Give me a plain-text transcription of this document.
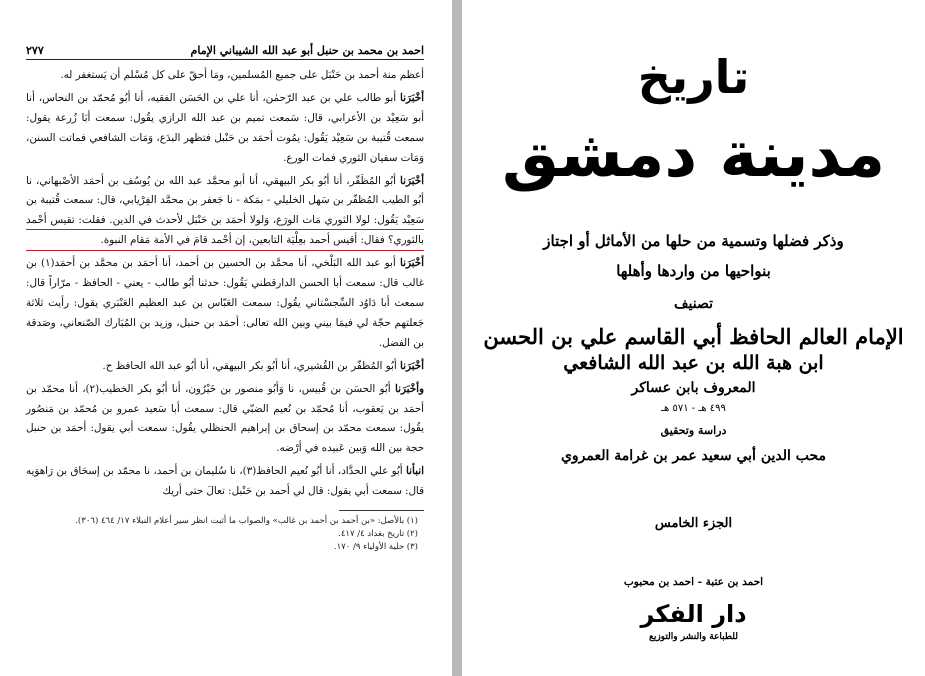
احمد بن محمد بن حنبل أبو عبد الله الشيباني الإمام
٢٧٧

أعظم منة أحمد بن حَنْبَل على جميع المُسلمين، ومَا أحقّ على كل مُسْلم أن يَستغفر له.

أخْبَرَنا أبو طالب علي بن عبد الرّحمٰن، أنا علي بن الحَسَن الفقيه، أنا أبُو مُحمّد بن النحاس، أنا أبو سَعِيْد بن الأعرابي، قال: سَمعت تميم بن عبد الله الرازي يقُول: سمعت أبَا زُرعة يقول: سمعت قُتيبة بن سَعِيْد يَقُول: يمُوت أحمَد بن حَنْبل فتظهر البدَع، وَمَات الشافعي فماتت السنن، وَمَات سفيان الثوري فمات الورع.

أخْبَرَنا أبُو المُظَفّر، أنا أبُو بكر البيهقي، أنا أبو محمَّد عبد الله بن يُوسُف بن أحمَد الأصْبهاني، نا أبُو الطيب المُظفّر بن سَهل الخليلي - بمَكة - نا جَعفر بن محمَّد الفِرْيابي، قال: سمعت قُتيبة بن سَعِيْد يَقُول: لولا الثوري مَات الورَع، وَلولا أحمَد بن حَنْبَل لأحدث في الدين. فقلت: تقيس أحْمد بالثوري؟ فقال: أقيس أحمد بعِلْيَة التابعين، إن أحْمد قامَ في الأمة مَقام النبوة.

أخْبَرَنا أبو عبد الله البَلْخي، أنا محمَّد بن الحسين بن أحمد، أنا أحمَد بن محمَّد بن أحمَد(١) بن غالب قال: سمعت أبا الحسن الدارقطني يَقُول: حدثنا أبُو طالب - يعني - الحافظ - مرّاراً قال: سمعت أبا دَاوُد السِّجسْتاني يقُول: سمعت العَبّاس بن عبد العظيم العَنْبَري يقول: رأيت ثلاثة جَعلتهم حجّة لي فيمَا بيني وبين الله تعالى: أحمَد بن حنبل، وزيد بن المُبَارك الصّنعاني، وصَدقة بن الفضل.

أخْبَرَنا أبُو المُظفّر بن القُشيري، أنا أبُو بكر البيهقي، أنا أبُو عبد الله الحافظ ح.

وأخْبَرَنا أبُو الحسَن بن قُبيس، نا وَأبُو منصور بن خَيْرُون، أنا أبُو بكر الخطيب(٢)، أنا محمّد بن أحمَد بن يَعقوب، أنا مُحمّد بن نُعيم الضبّي قال: سمعت أبا سَعيد عمرو بن مُحمّد بن مَنصُور يقُول: سمعت محمّد بن إسحاق بن إبراهيم الحنظلي يقُول: سمعت أبي يقول: أحمَد بن حنبل حجة بين الله وَبين عَبيده في أرْضه.

انبأنا أبُو علي الحدَّاد، أنا أبُو نُعيم الحافظ(٣)، نا سُليمان بن أحمد، نا محمّد بن إسحَاق بن رَاهوَيه قال: سمعت أبي يقول: قال لي أحمد بن حَنْبل: تعالَ حتى أريك

(١) بالأصل: «بن أحمد بن أحمد بن غالب» والصواب ما أثبت انظر سير أعلام النبلاء ١٧/ ٤٦٤ (٣٠٦).
(٢) تاريخ بغداد ٤/ ٤١٧.
(٣) حلية الأولياء ٩/ ١٧٠.
تاريخ
مدينة دمشق
وذكر فضلها وتسمية من حلها من الأماثل أو اجتاز
بنواحيها من واردها وأهلها
تصنيف
الإمام العالم الحافظ أبي القاسم علي بن الحسن
ابن هبة الله بن عبد الله الشافعي
المعروف بابن عساكر
٤٩٩ هـ - ٥٧١ هـ
دراسة وتحقيق
محب الدين أبي سعيد عمر بن غرامة العمروي
الجزء الخامس
احمد بن عتبة - احمد بن محبوب
دار الفكر
للطباعة والنشر والتوزيع
